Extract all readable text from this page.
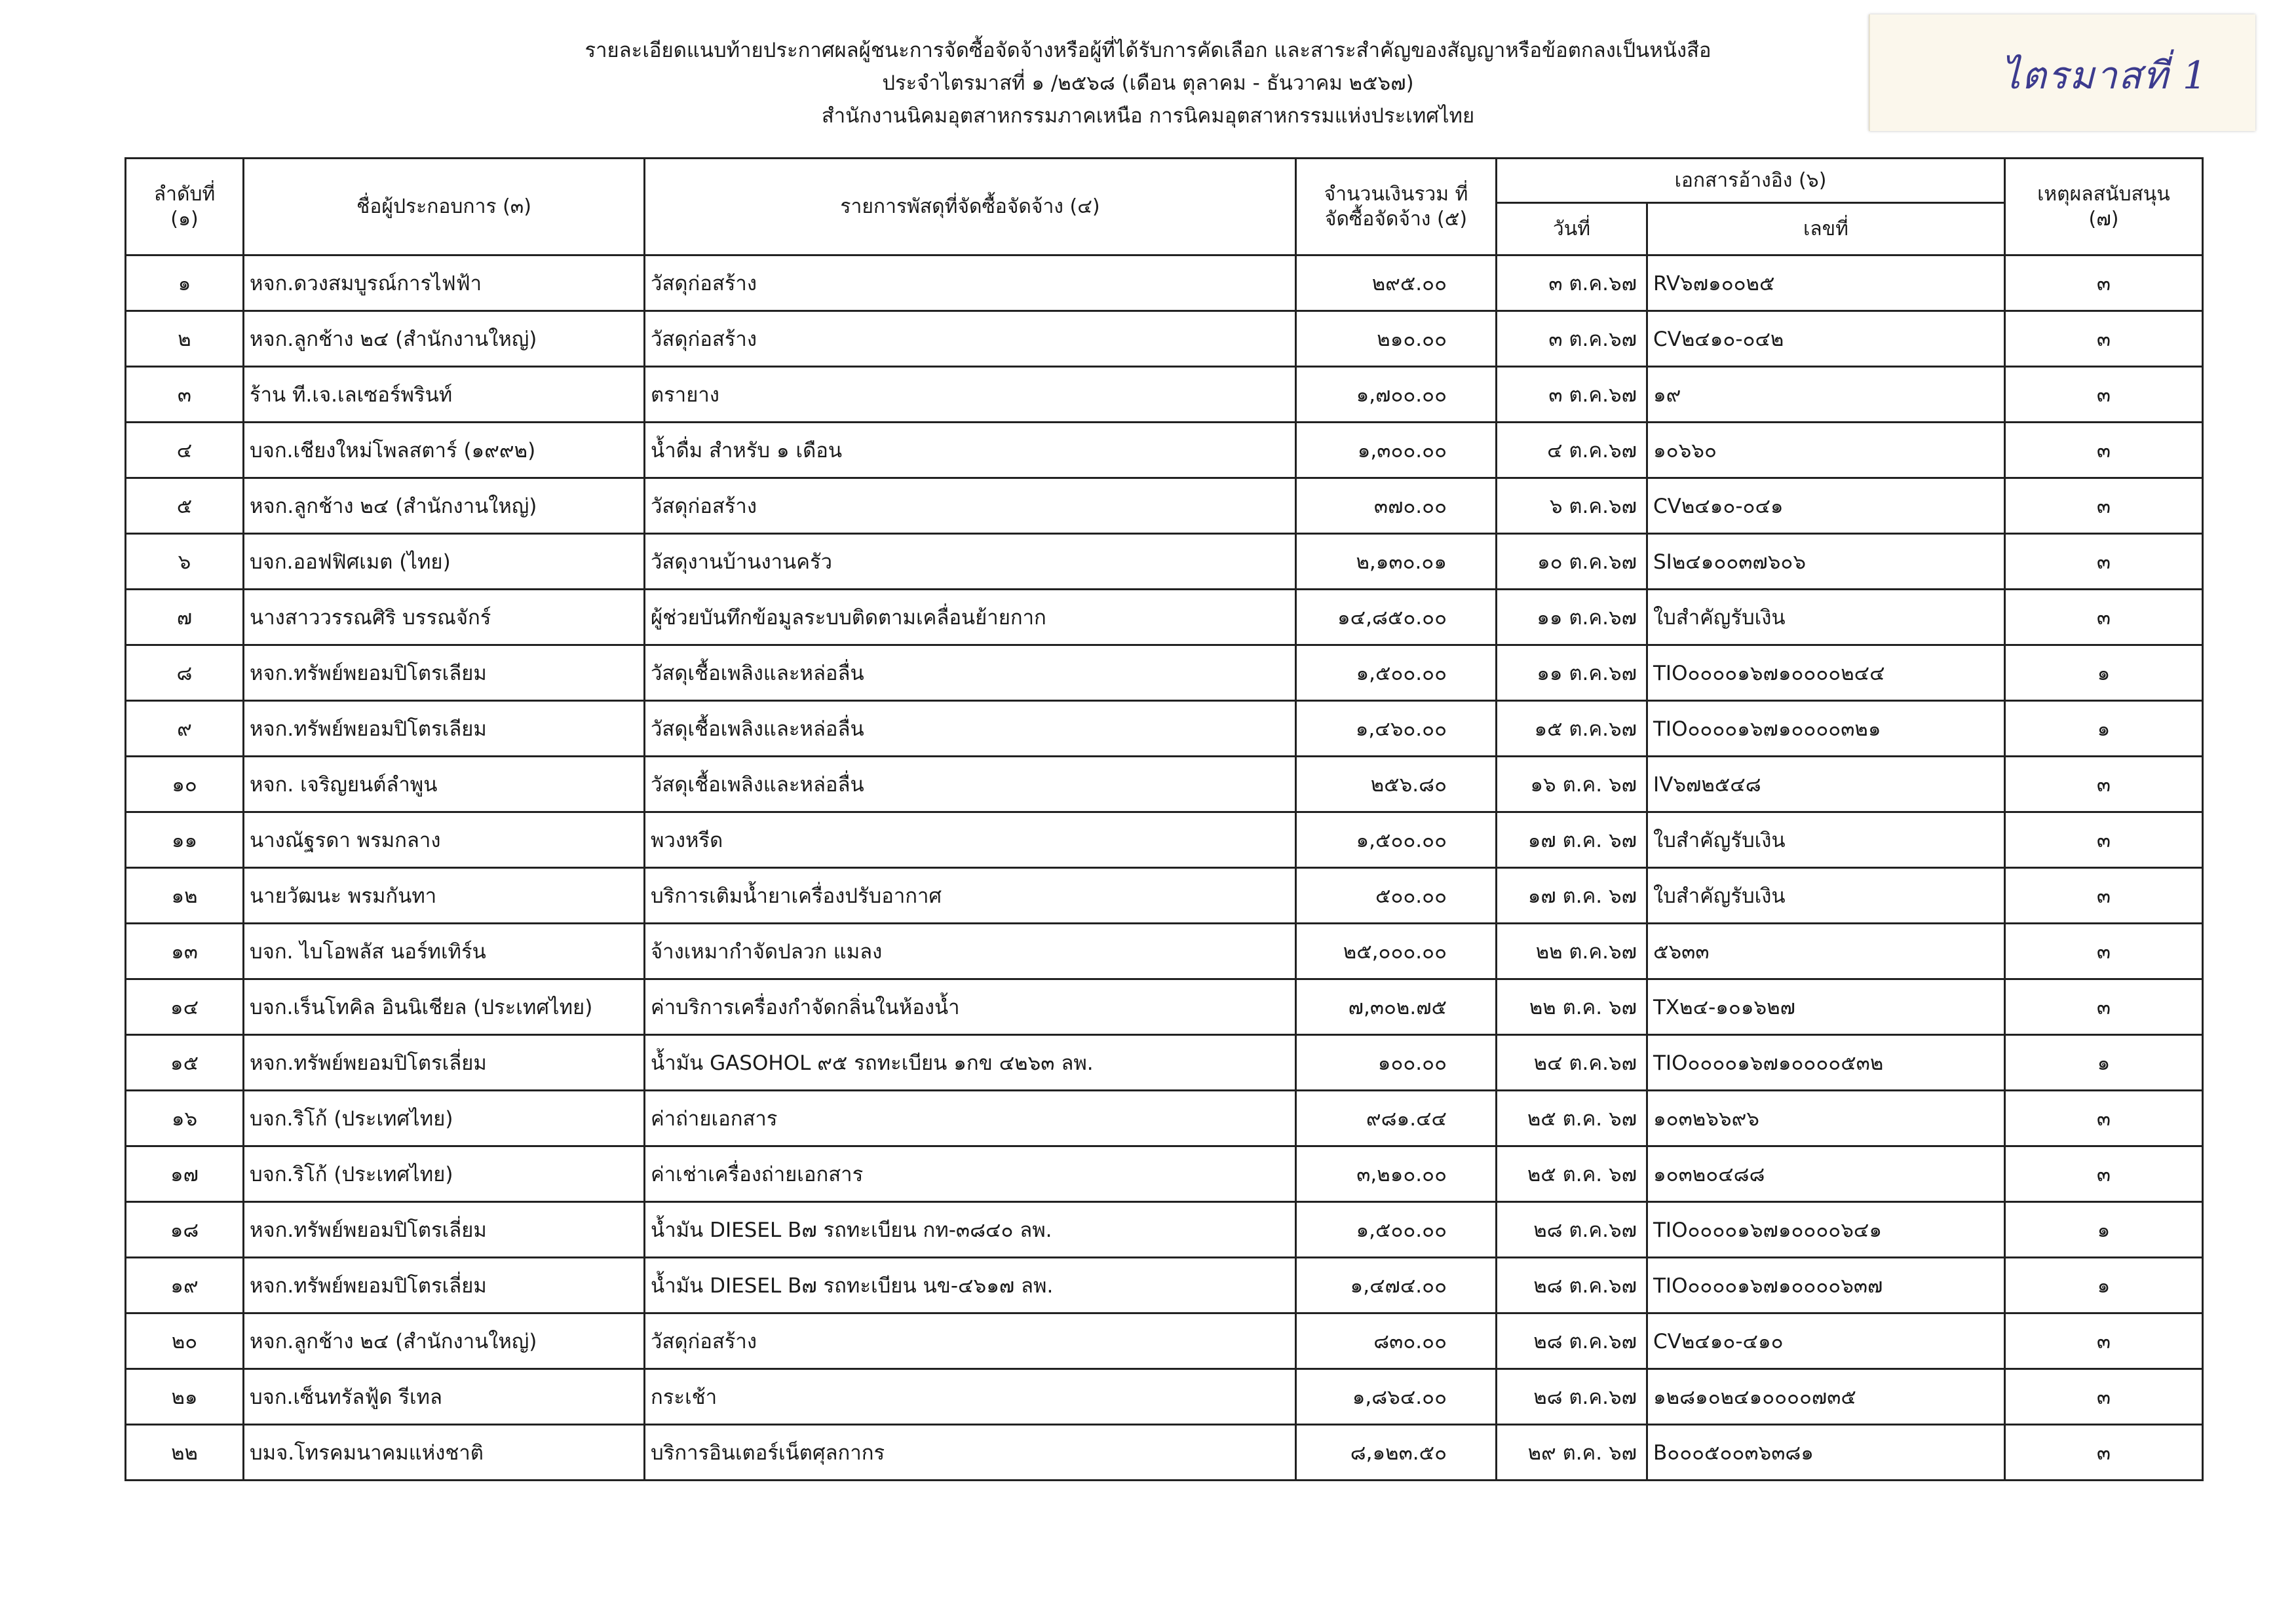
รายละเอียดแนบท้ายประกาศผลผู้ชนะการจัดซื้อจัดจ้างหรือผู้ที่ได้รับการคัดเลือก และสาระสำคัญของสัญญาหรือข้อตกลงเป็นหนังสือ
ประจำไตรมาสที่ ๑ /๒๕๖๘ (เดือน ตุลาคม - ธันวาคม ๒๕๖๗)
สำนักงานนิคมอุตสาหกรรมภาคเหนือ การนิคมอุตสาหกรรมแห่งประเทศไทย
ไตรมาสที่ 1
ลำดับที่
(๑)	ชื่อผู้ประกอบการ (๓)	รายการพัสดุที่จัดซื้อจัดจ้าง (๔)	จำนวนเงินรวม ที่
จัดซื้อจัดจ้าง (๕)	เอกสารอ้างอิง (๖)		เหตุผลสนับสนุน
(๗)
				วันที่	เลขที่	
๑	หจก.ดวงสมบูรณ์การไฟฟ้า	วัสดุก่อสร้าง	๒๙๕.๐๐	๓ ต.ค.๖๗	RV๖๗๑๐๐๒๕	๓
๒	หจก.ลูกช้าง ๒๔ (สำนักงานใหญ่)	วัสดุก่อสร้าง	๒๑๐.๐๐	๓ ต.ค.๖๗	CV๒๔๑๐-๐๔๒	๓
๓	ร้าน ที.เจ.เลเซอร์พรินท์	ตรายาง	๑,๗๐๐.๐๐	๓ ต.ค.๖๗	๑๙	๓
๔	บจก.เชียงใหม่โพลสตาร์ (๑๙๙๒)	น้ำดื่ม สำหรับ ๑ เดือน	๑,๓๐๐.๐๐	๔ ต.ค.๖๗	๑๐๖๖๐	๓
๕	หจก.ลูกช้าง ๒๔ (สำนักงานใหญ่)	วัสดุก่อสร้าง	๓๗๐.๐๐	๖ ต.ค.๖๗	CV๒๔๑๐-๐๔๑	๓
๖	บจก.ออฟฟิศเมต (ไทย)	วัสดุงานบ้านงานครัว	๒,๑๓๐.๐๑	๑๐ ต.ค.๖๗	SI๒๔๑๐๐๓๗๖๐๖	๓
๗	นางสาววรรณศิริ บรรณจักร์	ผู้ช่วยบันทึกข้อมูลระบบติดตามเคลื่อนย้ายกาก	๑๔,๘๕๐.๐๐	๑๑ ต.ค.๖๗	ใบสำคัญรับเงิน	๓
๘	หจก.ทรัพย์พยอมปิโตรเลียม	วัสดุเชื้อเพลิงและหล่อลื่น	๑,๕๐๐.๐๐	๑๑ ต.ค.๖๗	TIO๐๐๐๐๑๖๗๑๐๐๐๐๒๔๔	๑
๙	หจก.ทรัพย์พยอมปิโตรเลียม	วัสดุเชื้อเพลิงและหล่อลื่น	๑,๔๖๐.๐๐	๑๕ ต.ค.๖๗	TIO๐๐๐๐๑๖๗๑๐๐๐๐๓๒๑	๑
๑๐	หจก. เจริญยนต์ลำพูน	วัสดุเชื้อเพลิงและหล่อลื่น	๒๕๖.๘๐	๑๖ ต.ค. ๖๗	IV๖๗๒๕๔๘	๓
๑๑	นางณัฐรดา พรมกลาง	พวงหรีด	๑,๕๐๐.๐๐	๑๗ ต.ค. ๖๗	ใบสำคัญรับเงิน	๓
๑๒	นายวัฒนะ พรมกันทา	บริการเติมน้ำยาเครื่องปรับอากาศ	๕๐๐.๐๐	๑๗ ต.ค. ๖๗	ใบสำคัญรับเงิน	๓
๑๓	บจก. ไบโอพลัส นอร์ทเทิร์น	จ้างเหมากำจัดปลวก แมลง	๒๕,๐๐๐.๐๐	๒๒ ต.ค.๖๗	๕๖๓๓	๓
๑๔	บจก.เร็นโทคิล อินนิเชียล (ประเทศไทย)	ค่าบริการเครื่องกำจัดกลิ่นในห้องน้ำ	๗,๓๐๒.๗๕	๒๒ ต.ค. ๖๗	TX๒๔-๑๐๑๖๒๗	๓
๑๕	หจก.ทรัพย์พยอมปิโตรเลี่ยม	น้ำมัน GASOHOL ๙๕ รถทะเบียน ๑กข ๔๒๖๓ ลพ.	๑๐๐.๐๐	๒๔ ต.ค.๖๗	TIO๐๐๐๐๑๖๗๑๐๐๐๐๕๓๒	๑
๑๖	บจก.ริโก้ (ประเทศไทย)	ค่าถ่ายเอกสาร	๙๘๑.๔๔	๒๕ ต.ค. ๖๗	๑๐๓๒๖๖๙๖	๓
๑๗	บจก.ริโก้ (ประเทศไทย)	ค่าเช่าเครื่องถ่ายเอกสาร	๓,๒๑๐.๐๐	๒๕ ต.ค. ๖๗	๑๐๓๒๐๔๘๘	๓
๑๘	หจก.ทรัพย์พยอมปิโตรเลี่ยม	น้ำมัน DIESEL B๗ รถทะเบียน กท-๓๘๔๐ ลพ.	๑,๕๐๐.๐๐	๒๘ ต.ค.๖๗	TIO๐๐๐๐๑๖๗๑๐๐๐๐๖๔๑	๑
๑๙	หจก.ทรัพย์พยอมปิโตรเลี่ยม	น้ำมัน DIESEL B๗ รถทะเบียน นข-๔๖๑๗ ลพ.	๑,๔๗๔.๐๐	๒๘ ต.ค.๖๗	TIO๐๐๐๐๑๖๗๑๐๐๐๐๖๓๗	๑
๒๐	หจก.ลูกช้าง ๒๔ (สำนักงานใหญ่)	วัสดุก่อสร้าง	๘๓๐.๐๐	๒๘ ต.ค.๖๗	CV๒๔๑๐-๔๑๐	๓
๒๑	บจก.เซ็นทรัลฟู้ด รีเทล	กระเช้า	๑,๘๖๔.๐๐	๒๘ ต.ค.๖๗	๑๒๘๑๐๒๔๑๐๐๐๐๗๓๕	๓
๒๒	บมจ.โทรคมนาคมแห่งชาติ	บริการอินเตอร์เน็ตศุลกากร	๘,๑๒๓.๕๐	๒๙ ต.ค. ๖๗	B๐๐๐๕๐๐๓๖๓๘๑	๓
